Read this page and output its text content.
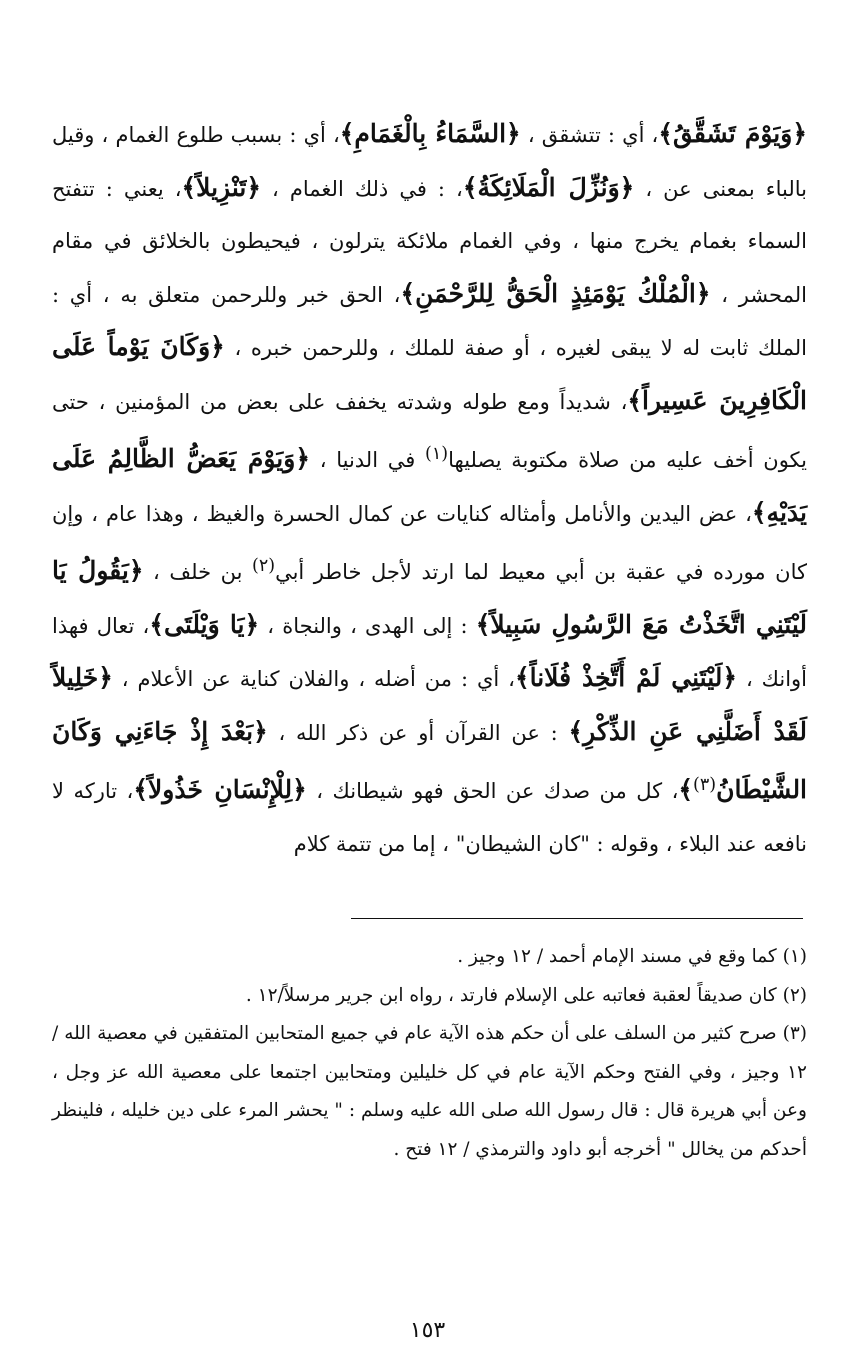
﴿وَيَوْمَ تَشَقَّقُ﴾، أي : تتشقق ، ﴿السَّمَاءُ بِالْغَمَامِ﴾، أي : بسبب طلوع الغمام ، وقيل بالباء بمعنى عن ، ﴿وَنُزِّلَ الْمَلَائِكَةُ﴾، : في ذلك الغمام ، ﴿تَنْزِيلاً﴾، يعني : تتفتح السماء بغمام يخرج منها ، وفي الغمام ملائكة يترلون ، فيحيطون بالخلائق في مقام المحشر ، ﴿الْمُلْكُ يَوْمَئِذٍ الْحَقُّ لِلرَّحْمَنِ﴾، الحق خبر وللرحمن متعلق به ، أي : الملك ثابت له لا يبقى لغيره ، أو صفة للملك ، وللرحمن خبره ، ﴿وَكَانَ يَوْماً عَلَى الْكَافِرِينَ عَسِيراً﴾، شديداً ومع طوله وشدته يخفف على بعض من المؤمنين ، حتى يكون أخف عليه من صلاة مكتوبة يصليها$^{(١)}$ في الدنيا ، ﴿وَيَوْمَ يَعَضُّ الظَّالِمُ عَلَى يَدَيْهِ﴾، عض اليدين والأنامل وأمثاله كنايات عن كمال الحسرة والغيظ ، وهذا عام ، وإن كان مورده في عقبة بن أبي معيط لما ارتد لأجل خاطر أبي$^{(٢)}$ بن خلف ، ﴿يَقُولُ يَا لَيْتَنِي اتَّخَذْتُ مَعَ الرَّسُولِ سَبِيلاً﴾ : إلى الهدى ، والنجاة ، ﴿يَا وَيْلَتَى﴾، تعال فهذا أوانك ، ﴿لَيْتَنِي لَمْ أَتَّخِذْ فُلَاناً﴾، أي : من أضله ، والفلان كناية عن الأعلام ، ﴿خَلِيلاً لَقَدْ أَضَلَّنِي عَنِ الذِّكْرِ﴾ : عن القرآن أو عن ذكر الله ، ﴿بَعْدَ إِذْ جَاءَنِي وَكَانَ الشَّيْطَانُ$^{(٣)}$﴾، كل من صدك عن الحق فهو شيطانك ، ﴿لِلْإِنْسَانِ خَذُولاً﴾، تاركه لا نافعه عند البلاء ، وقوله : "كان الشيطان" ، إما من تتمة كلام

(١) كما وقع في مسند الإمام أحمد / ١٢ وجيز .

(٢) كان صديقاً لعقبة فعاتبه على الإسلام فارتد ، رواه ابن جرير مرسلاً/١٢ .

(٣) صرح كثير من السلف على أن حكم هذه الآية عام في جميع المتحابين المتفقين في معصية الله / ١٢ وجيز ، وفي الفتح وحكم الآية عام في كل خليلين ومتحابين اجتمعا على معصية الله عز وجل ، وعن أبي هريرة قال : قال رسول الله صلى الله عليه وسلم : " يحشر المرء على دين خليله ، فلينظر أحدكم من يخالل " أخرجه أبو داود والترمذي / ١٢ فتح .

١٥٣
